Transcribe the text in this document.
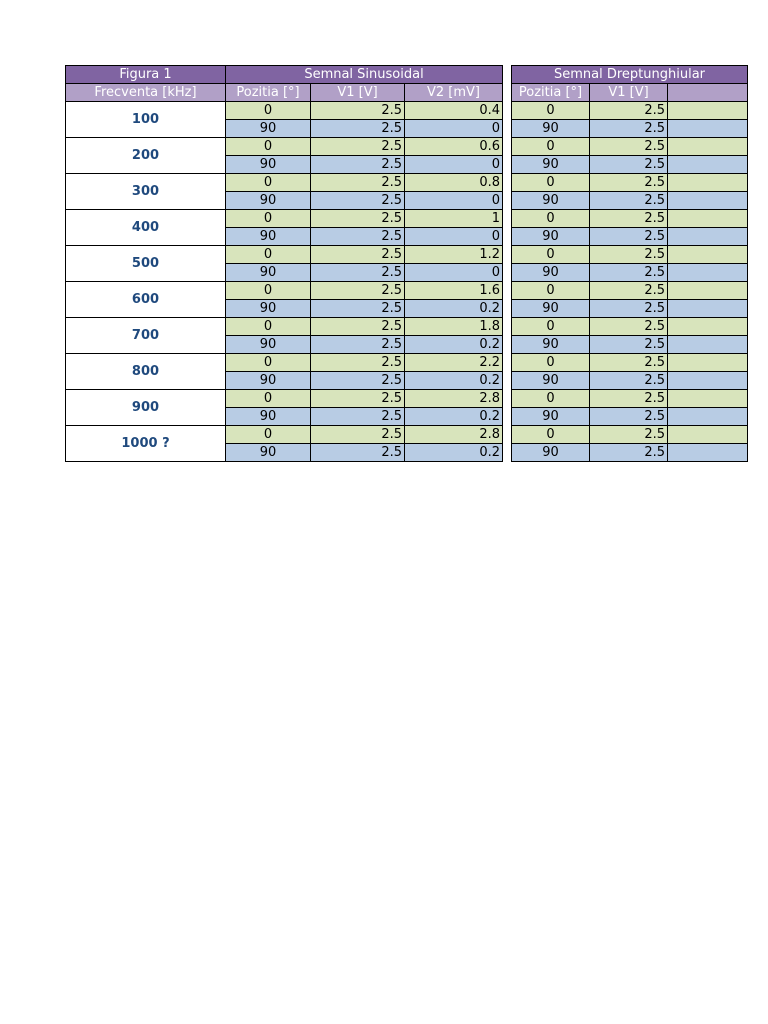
Figura 1	Semnal Sinusoidal		
Frecventa [kHz]	Pozitia [°]	V1 [V]	V2 [mV]
100	0	2.5	0.4
	90	2.5	0
200	0	2.5	0.6
	90	2.5	0
300	0	2.5	0.8
	90	2.5	0
400	0	2.5	1
	90	2.5	0
500	0	2.5	1.2
	90	2.5	0
600	0	2.5	1.6
	90	2.5	0.2
700	0	2.5	1.8
	90	2.5	0.2
800	0	2.5	2.2
	90	2.5	0.2
900	0	2.5	2.8
	90	2.5	0.2
1000 ?	0	2.5	2.8
	90	2.5	0.2
Semnal Dreptunghiular		
Pozitia [°]	V1 [V]	
0	2.5	
90	2.5	
0	2.5	
90	2.5	
0	2.5	
90	2.5	
0	2.5	
90	2.5	
0	2.5	
90	2.5	
0	2.5	
90	2.5	
0	2.5	
90	2.5	
0	2.5	
90	2.5	
0	2.5	
90	2.5	
0	2.5	
90	2.5	
